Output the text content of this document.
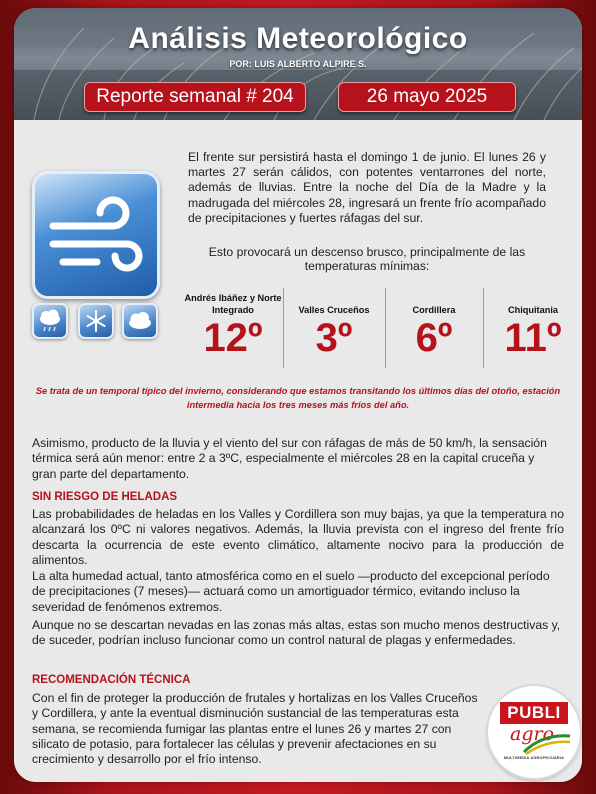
Análisis Meteorológico
POR: LUIS ALBERTO ALPIRE S.
Reporte semanal # 204	26 mayo 2025
El frente sur persistirá hasta el domingo 1 de junio. El lunes 26 y martes 27 serán cálidos, con potentes ventarrones del norte, además de lluvias. Entre la noche del Día de la Madre y la madrugada del miércoles 28, ingresará un frente frío acompañado de precipitaciones y fuertes ráfagas del sur.
Esto provocará un descenso brusco, principalmente de las temperaturas mínimas:
Andrés Ibáñez y Norte Integrado
12º
Valles Cruceños
3º
Cordillera
6º
Chiquitania
11º
Se trata de un temporal típico del invierno, considerando que estamos transitando los últimos días del otoño, estación intermedia hacia los tres meses más fríos del año.
Asimismo, producto de la lluvia y el viento del sur con ráfagas de más de 50 km/h, la sensación térmica será aún menor: entre 2 a 3ºC, especialmente el miércoles 28 en la capital cruceña y gran parte del departamento.
SIN RIESGO DE HELADAS
Las probabilidades de heladas en los Valles y Cordillera son muy bajas, ya que la temperatura no alcanzará los 0ºC ni valores negativos. Además, la lluvia prevista con el ingreso del frente frío descarta la ocurrencia de este evento climático, altamente nocivo para la producción de alimentos.
La alta humedad actual, tanto atmosférica como en el suelo —producto del excepcional período de precipitaciones (7 meses)— actuará como un amortiguador térmico, evitando incluso la severidad de fenómenos extremos.
Aunque no se descartan nevadas en las zonas más altas, estas son mucho menos destructivas y, de suceder, podrían incluso funcionar como un control natural de plagas y enfermedades.
RECOMENDACIÓN TÉCNICA
Con el fin de proteger la producción de frutales y hortalizas en los Valles Cruceños y Cordillera, y ante la eventual disminución sustancial de las temperaturas esta semana, se recomienda fumigar las plantas entre el lunes 26 y martes 27 con silicato de potasio, para fortalecer las células y prevenir afectaciones en su crecimiento y desarrollo por el frío intenso.
PUBLI
agro
MULTIMEDIA AGROPECUARIA
